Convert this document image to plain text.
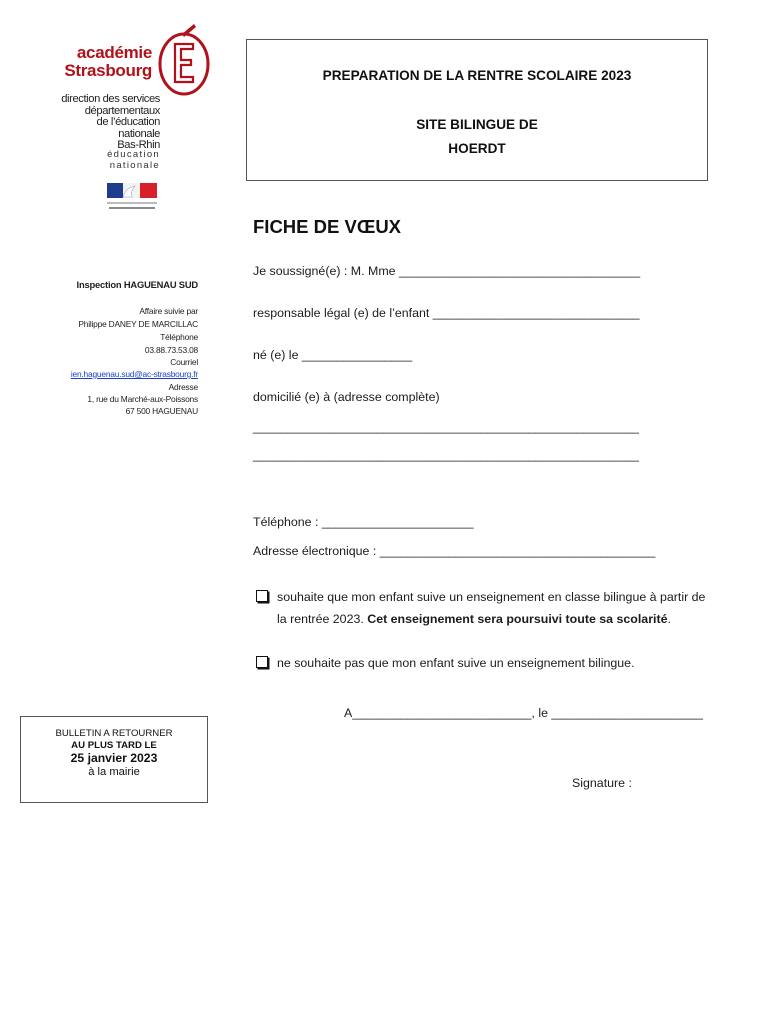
académie
Strasbourg
direction des services
départementaux
de l’éducation nationale
Bas-Rhin
éducation
nationale
Inspection HAGUENAU SUD
Affaire suivie par
Philippe DANEY DE MARCILLAC
Téléphone
03.88.73.53.08
Courriel
ien.haguenau.sud@ac-strasbourg.fr
Adresse
1, rue du Marché-aux-Poissons
67 500 HAGUENAU
PREPARATION DE LA RENTRE SCOLAIRE 2023
SITE BILINGUE DE
HOERDT
FICHE DE VŒUX
Je soussigné(e) : M. Mme ___________________________________
responsable légal (e) de l’enfant ______________________________
né (e) le ________________
domicilié (e) à (adresse complète)
________________________________________________________
________________________________________________________
Téléphone : ______________________
Adresse électronique : ________________________________________
souhaite que mon enfant suive un enseignement en classe bilingue à partir de
la rentrée 2023. Cet enseignement sera poursuivi toute sa scolarité.
ne souhaite pas que mon enfant suive un enseignement bilingue.
A__________________________, le ______________________
Signature :
BULLETIN A RETOURNER
AU PLUS TARD LE
25 janvier 2023
à la mairie
